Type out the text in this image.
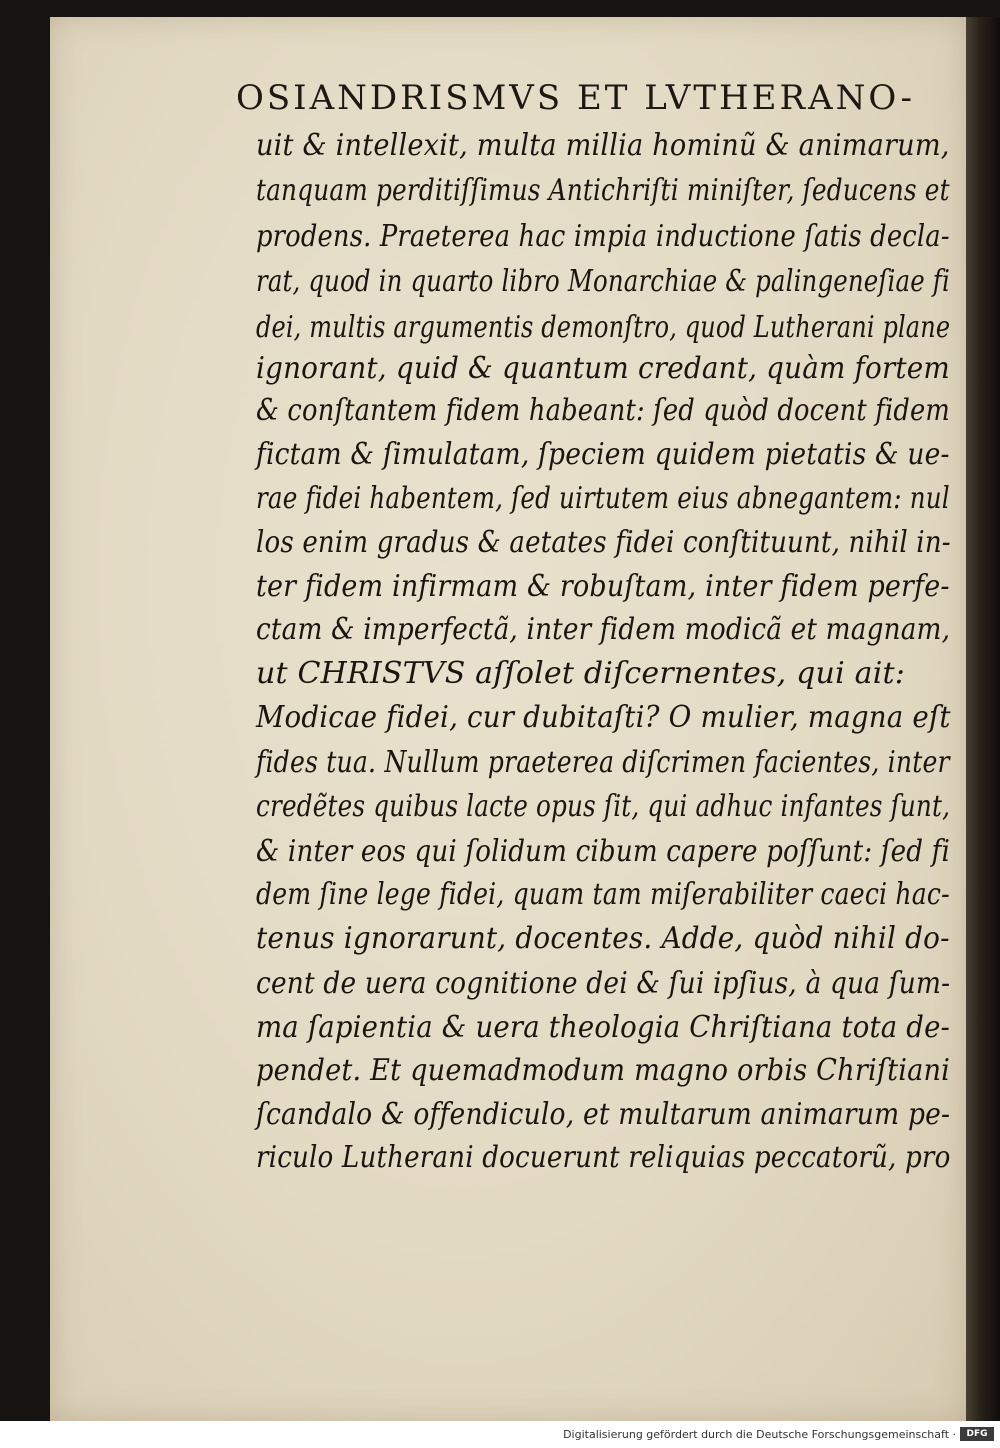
OSIANDRISMVS ET LVTHERANO-
uit & intellexit, multa millia hominũ & animarum,
tanquam perditiſſimus Antichriſti miniſter, ſeducens et
prodens. Praeterea hac impia inductione ſatis decla-
rat, quod in quarto libro Monarchiae & palingeneſiae fi
dei, multis argumentis demonſtro, quod Lutherani plane
ignorant, quid & quantum credant, quàm fortem
& conſtantem fidem habeant: ſed quòd docent fidem
fictam & ſimulatam, ſpeciem quidem pietatis & ue-
rae fidei habentem, ſed uirtutem eius abnegantem: nul
los enim gradus & aetates fidei conſtituunt, nihil in-
ter fidem infirmam & robuſtam, inter fidem perfe-
ctam & imperfectã, inter fidem modicã et magnam,
ut CHRISTVS aſſolet diſcernentes, qui ait:
Modicae fidei, cur dubitaſti? O mulier, magna eſt
fides tua. Nullum praeterea diſcrimen facientes, inter
credẽtes quibus lacte opus ſit, qui adhuc infantes ſunt,
& inter eos qui ſolidum cibum capere poſſunt: ſed fi
dem ſine lege fidei, quam tam miſerabiliter caeci hac-
tenus ignorarunt, docentes. Adde, quòd nihil do-
cent de uera cognitione dei & ſui ipſius, à qua ſum-
ma ſapientia & uera theologia Chriſtiana tota de-
pendet. Et quemadmodum magno orbis Chriſtiani
ſcandalo & offendiculo, et multarum animarum pe-
riculo Lutherani docuerunt reliquias peccatorũ, pro
Digitalisierung gefördert durch die Deutsche Forschungsgemeinschaft ·	DFG
